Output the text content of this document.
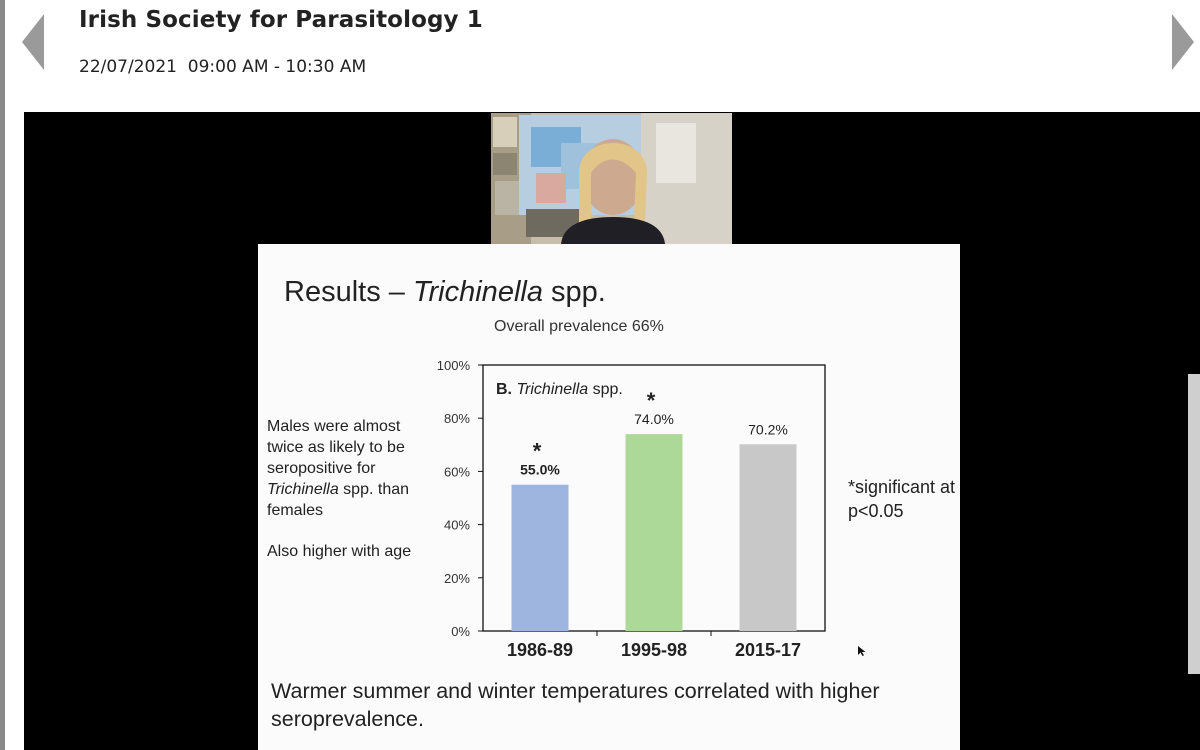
Irish Society for Parasitology 1
22/07/2021  09:00 AM - 10:30 AM
Results – Trichinella spp.
Overall prevalence 66%
Males were almost twice as likely to be seropositive for Trichinella spp. than females
Also higher with age
*significant at p<0.05
0%
20%
40%
60%
80%
100%
B. Trichinella spp.
55.0%
*
1986-89
74.0%
*
1995-98
70.2%
2015-17
Warmer summer and winter temperatures correlated with higher seroprevalence.
